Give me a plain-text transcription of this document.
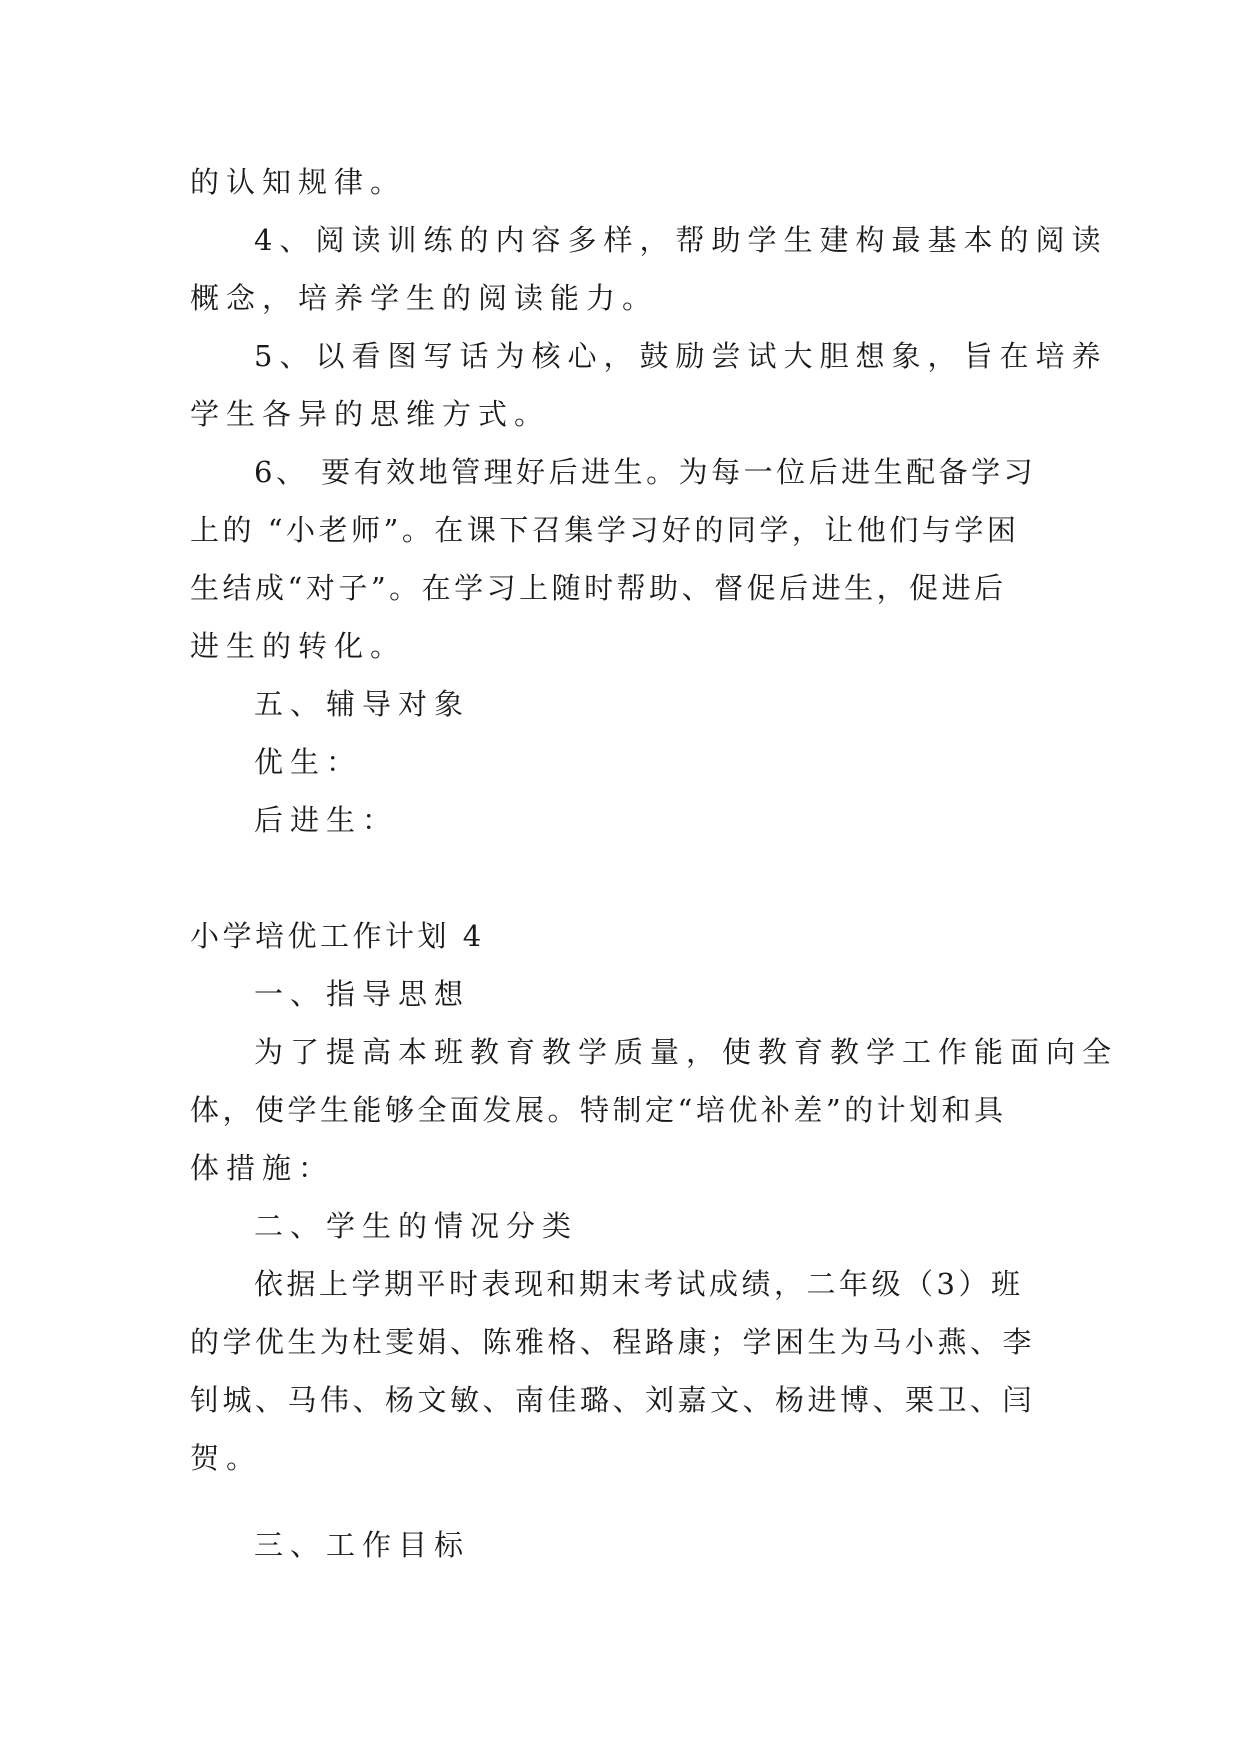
的认知规律。
4、阅读训练的内容多样，帮助学生建构最基本的阅读
概念，培养学生的阅读能力。
5、以看图写话为核心，鼓励尝试大胆想象，旨在培养
学生各异的思维方式。
6、 要有效地管理好后进生。为每一位后进生配备学习
上的 “小老师”。在课下召集学习好的同学，让他们与学困
生结成“对子”。在学习上随时帮助、督促后进生，促进后
进生的转化。
五、辅导对象
优生：
后进生：
小学培优工作计划 4
一、指导思想
为了提高本班教育教学质量，使教育教学工作能面向全
体，使学生能够全面发展。特制定“培优补差”的计划和具
体措施：
二、学生的情况分类
依据上学期平时表现和期末考试成绩，二年级（3）班
的学优生为杜雯娟、陈雅格、程路康；学困生为马小燕、李
钊城、马伟、杨文敏、南佳璐、刘嘉文、杨进博、栗卫、闫
贺。
三、工作目标
